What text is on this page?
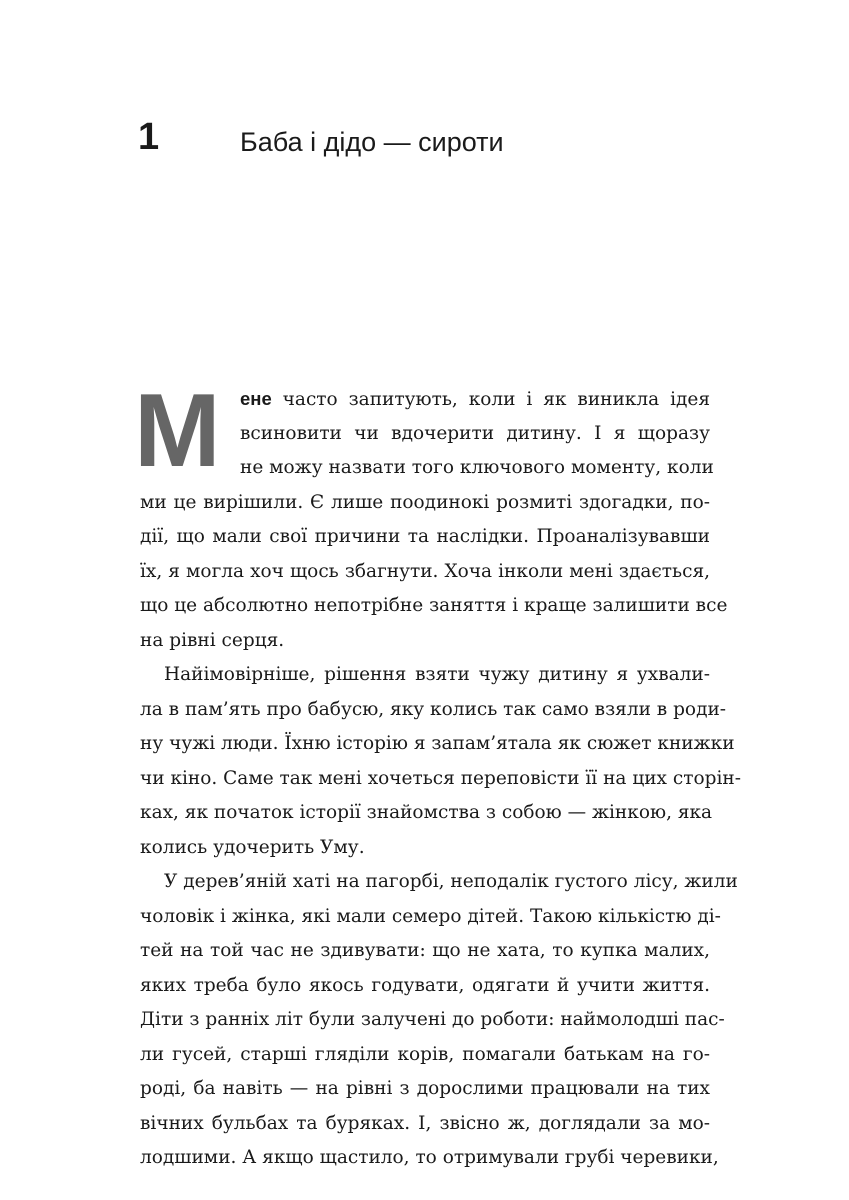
1	Баба і дідо — сироти
М	ене часто запитують, коли і як виникла ідея
всиновити чи вдочерити дитину. І я щоразу
не можу назвати того ключового моменту, коли
ми це вирішили. Є лише поодинокі розмиті здогадки, по-
дії, що мали свої причини та наслідки. Проаналізувавши
їх, я могла хоч щось збагнути. Хоча інколи мені здається,
що це абсолютно непотрібне заняття і краще залишити все
на рівні серця.
Найімовірніше, рішення взяти чужу дитину я ухвали-
ла в пам’ять про бабусю, яку колись так само взяли в роди-
ну чужі люди. Їхню історію я запам’ятала як сюжет книжки
чи кіно. Саме так мені хочеться переповісти її на цих сторін-
ках, як початок історії знайомства з собою — жінкою, яка
колись удочерить Уму.
У дерев’яній хаті на пагорбі, неподалік густого лісу, жили
чоловік і жінка, які мали семеро дітей. Такою кількістю ді-
тей на той час не здивувати: що не хата, то купка малих,
яких треба було якось годувати, одягати й учити життя.
Діти з ранніх літ були залучені до роботи: наймолодші пас-
ли гусей, старші гляділи корів, помагали батькам на го-
роді, ба навіть — на рівні з дорослими працювали на тих
вічних бульбах та буряках. І, звісно ж, доглядали за мо-
лодшими. А якщо щастило, то отримували грубі черевики,
